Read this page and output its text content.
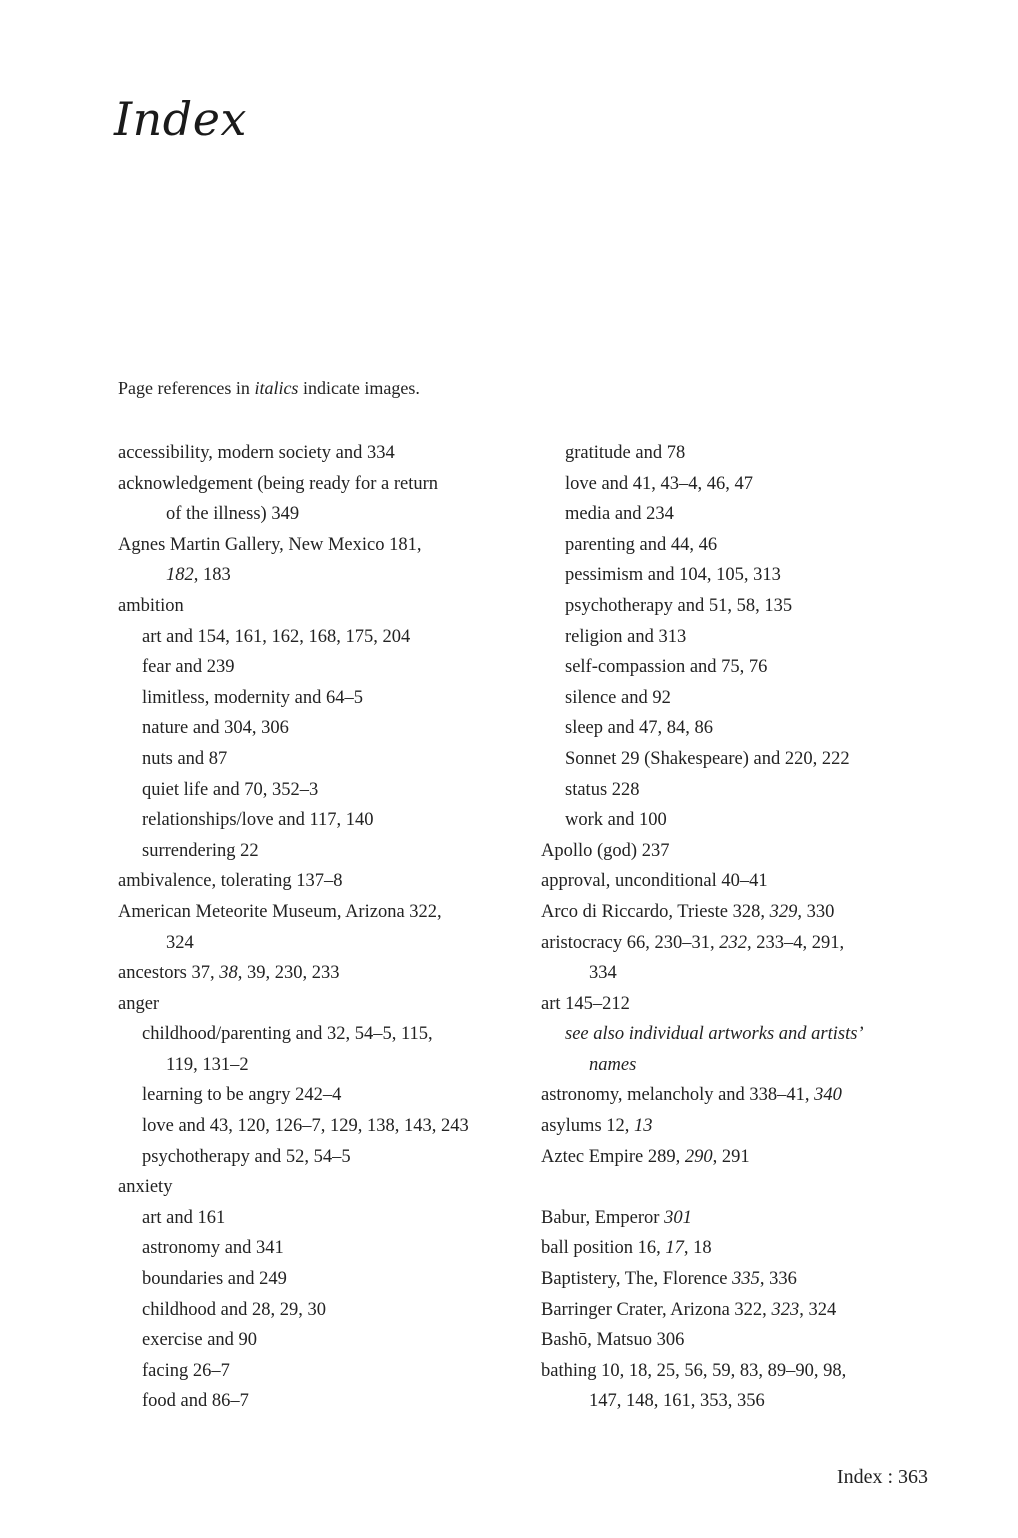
Index
Page references in italics indicate images.
accessibility, modern society and 334
acknowledgement (being ready for a return
of the illness) 349
Agnes Martin Gallery, New Mexico 181,
182, 183
ambition
art and 154, 161, 162, 168, 175, 204
fear and 239
limitless, modernity and 64–5
nature and 304, 306
nuts and 87
quiet life and 70, 352–3
relationships/love and 117, 140
surrendering 22
ambivalence, tolerating 137–8
American Meteorite Museum, Arizona 322,
324
ancestors 37, 38, 39, 230, 233
anger
childhood/parenting and 32, 54–5, 115,
119, 131–2
learning to be angry 242–4
love and 43, 120, 126–7, 129, 138, 143, 243
psychotherapy and 52, 54–5
anxiety
art and 161
astronomy and 341
boundaries and 249
childhood and 28, 29, 30
exercise and 90
facing 26–7
food and 86–7
gratitude and 78
love and 41, 43–4, 46, 47
media and 234
parenting and 44, 46
pessimism and 104, 105, 313
psychotherapy and 51, 58, 135
religion and 313
self-compassion and 75, 76
silence and 92
sleep and 47, 84, 86
Sonnet 29 (Shakespeare) and 220, 222
status 228
work and 100
Apollo (god) 237
approval, unconditional 40–41
Arco di Riccardo, Trieste 328, 329, 330
aristocracy 66, 230–31, 232, 233–4, 291,
334
art 145–212
see also individual artworks and artists’
names
astronomy, melancholy and 338–41, 340
asylums 12, 13
Aztec Empire 289, 290, 291
Babur, Emperor 301
ball position 16, 17, 18
Baptistery, The, Florence 335, 336
Barringer Crater, Arizona 322, 323, 324
Bashō, Matsuo 306
bathing 10, 18, 25, 56, 59, 83, 89–90, 98,
147, 148, 161, 353, 356
Index : 363
